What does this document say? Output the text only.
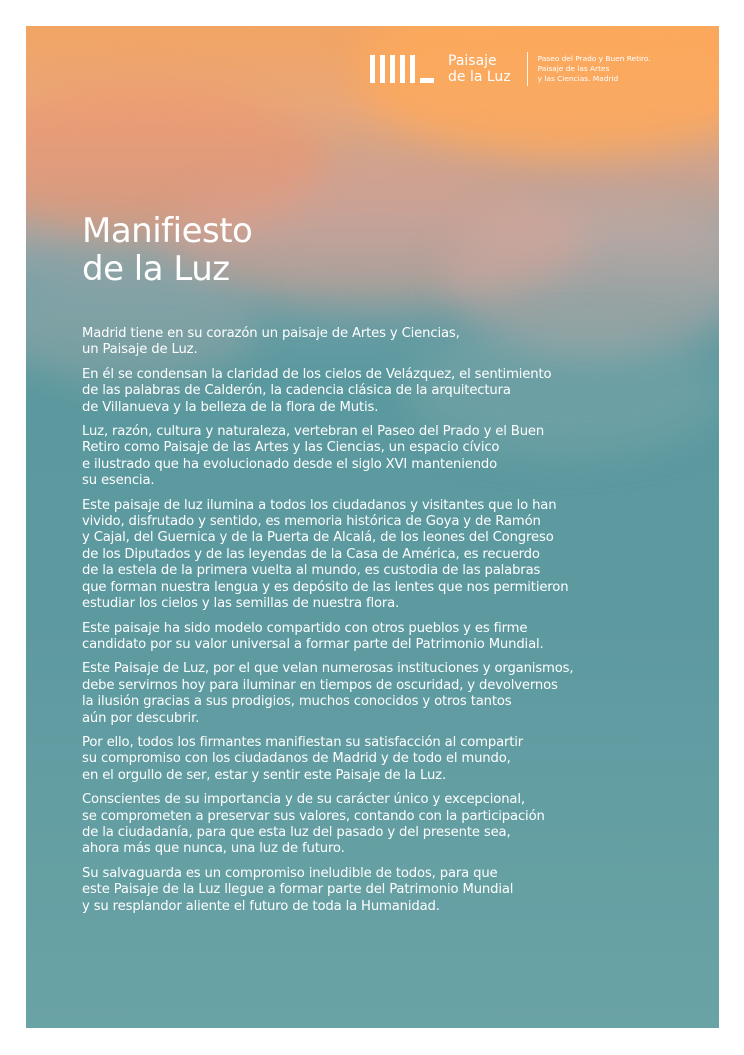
Paisaje
de la Luz
Paseo del Prado y Buen Retiro.
Paisaje de las Artes
y las Ciencias. Madrid
Manifiesto
de la Luz

Madrid tiene en su corazón un paisaje de Artes y Ciencias,
un Paisaje de Luz.

En él se condensan la claridad de los cielos de Velázquez, el sentimiento
de las palabras de Calderón, la cadencia clásica de la arquitectura
de Villanueva y la belleza de la flora de Mutis.

Luz, razón, cultura y naturaleza, vertebran el Paseo del Prado y el Buen
Retiro como Paisaje de las Artes y las Ciencias, un espacio cívico
e ilustrado que ha evolucionado desde el siglo XVI manteniendo
su esencia.

Este paisaje de luz ilumina a todos los ciudadanos y visitantes que lo han
vivido, disfrutado y sentido, es memoria histórica de Goya y de Ramón
y Cajal, del Guernica y de la Puerta de Alcalá, de los leones del Congreso
de los Diputados y de las leyendas de la Casa de América, es recuerdo
de la estela de la primera vuelta al mundo, es custodia de las palabras
que forman nuestra lengua y es depósito de las lentes que nos permitieron
estudiar los cielos y las semillas de nuestra flora.

Este paisaje ha sido modelo compartido con otros pueblos y es firme
candidato por su valor universal a formar parte del Patrimonio Mundial.

Este Paisaje de Luz, por el que velan numerosas instituciones y organismos,
debe servirnos hoy para iluminar en tiempos de oscuridad, y devolvernos
la ilusión gracias a sus prodigios, muchos conocidos y otros tantos
aún por descubrir.

Por ello, todos los firmantes manifiestan su satisfacción al compartir
su compromiso con los ciudadanos de Madrid y de todo el mundo,
en el orgullo de ser, estar y sentir este Paisaje de la Luz.

Conscientes de su importancia y de su carácter único y excepcional,
se comprometen a preservar sus valores, contando con la participación
de la ciudadanía, para que esta luz del pasado y del presente sea,
ahora más que nunca, una luz de futuro.

Su salvaguarda es un compromiso ineludible de todos, para que
este Paisaje de la Luz llegue a formar parte del Patrimonio Mundial
y su resplandor aliente el futuro de toda la Humanidad.
